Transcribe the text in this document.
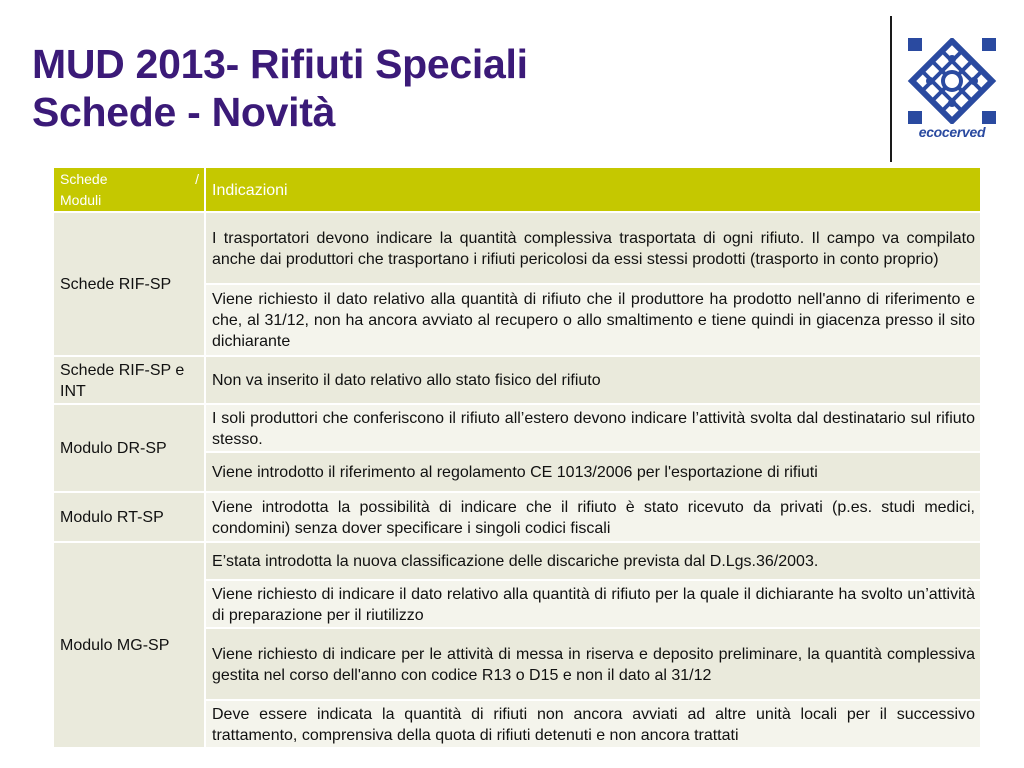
MUD 2013- Rifiuti Speciali
Schede - Novità	ecocerved
Schede /
Moduli	Indicazioni
Schede RIF-SP	I trasportatori devono indicare la quantità complessiva trasportata di ogni rifiuto. Il campo va compilato anche dai produttori che trasportano i rifiuti pericolosi da essi stessi prodotti (trasporto in conto proprio)
	Viene richiesto il dato relativo alla quantità di rifiuto che il produttore ha prodotto nell'anno di riferimento e che, al 31/12, non ha ancora avviato al recupero o allo smaltimento e tiene quindi in giacenza presso il sito dichiarante
Schede RIF-SP e INT	Non va inserito il dato relativo allo stato fisico del rifiuto
Modulo DR-SP	I soli produttori che conferiscono il rifiuto all’estero devono indicare l’attività svolta dal destinatario sul rifiuto stesso.
	Viene introdotto il riferimento al regolamento CE 1013/2006 per l'esportazione di rifiuti
Modulo RT-SP	Viene introdotta la possibilità di indicare che il rifiuto è stato ricevuto da privati (p.es. studi medici, condomini) senza dover specificare i singoli codici fiscali
Modulo MG-SP	E’stata introdotta la nuova classificazione delle discariche prevista dal D.Lgs.36/2003.
	Viene richiesto di indicare il dato relativo alla quantità di rifiuto per la quale il dichiarante ha svolto un’attività di preparazione per il riutilizzo
	Viene richiesto di indicare per le attività di messa in riserva e deposito preliminare, la quantità complessiva gestita nel corso dell'anno con codice R13 o D15 e non il dato al 31/12
	Deve essere indicata la quantità di rifiuti non ancora avviati ad altre unità locali per il successivo trattamento, comprensiva della quota di rifiuti detenuti e non ancora trattati
